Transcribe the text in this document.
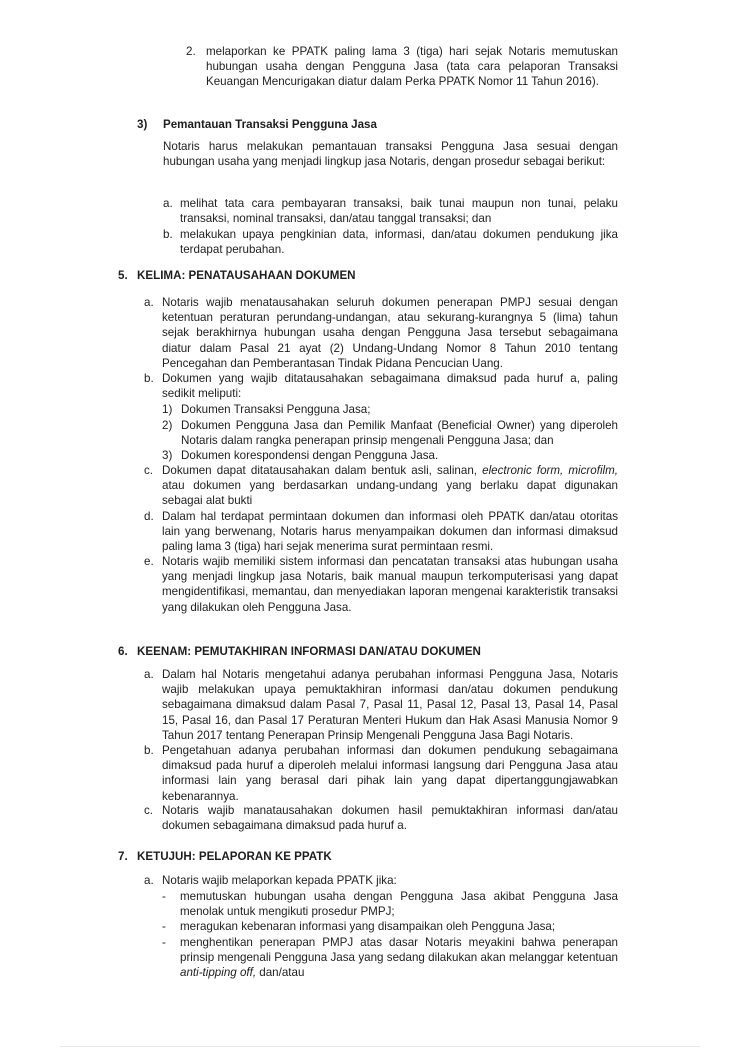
2. melaporkan ke PPATK paling lama 3 (tiga) hari sejak Notaris memutuskan hubungan usaha dengan Pengguna Jasa (tata cara pelaporan Transaksi Keuangan Mencurigakan diatur dalam Perka PPATK Nomor 11 Tahun 2016).
3) Pemantauan Transaksi Pengguna Jasa
Notaris harus melakukan pemantauan transaksi Pengguna Jasa sesuai dengan hubungan usaha yang menjadi lingkup jasa Notaris, dengan prosedur sebagai berikut:
a. melihat tata cara pembayaran transaksi, baik tunai maupun non tunai, pelaku transaksi, nominal transaksi, dan/atau tanggal transaksi; dan
b. melakukan upaya pengkinian data, informasi, dan/atau dokumen pendukung jika terdapat perubahan.
5. KELIMA: PENATAUSAHAAN DOKUMEN
a. Notaris wajib menatausahakan seluruh dokumen penerapan PMPJ sesuai dengan ketentuan peraturan perundang-undangan, atau sekurang-kurangnya 5 (lima) tahun sejak berakhirnya hubungan usaha dengan Pengguna Jasa tersebut sebagaimana diatur dalam Pasal 21 ayat (2) Undang-Undang Nomor 8 Tahun 2010 tentang Pencegahan dan Pemberantasan Tindak Pidana Pencucian Uang.
b. Dokumen yang wajib ditatausahakan sebagaimana dimaksud pada huruf a, paling sedikit meliputi:
1) Dokumen Transaksi Pengguna Jasa;
2) Dokumen Pengguna Jasa dan Pemilik Manfaat (Beneficial Owner) yang diperoleh Notaris dalam rangka penerapan prinsip mengenali Pengguna Jasa; dan
3) Dokumen korespondensi dengan Pengguna Jasa.
c. Dokumen dapat ditatausahakan dalam bentuk asli, salinan, electronic form, microfilm, atau dokumen yang berdasarkan undang-undang yang berlaku dapat digunakan sebagai alat bukti
d. Dalam hal terdapat permintaan dokumen dan informasi oleh PPATK dan/atau otoritas lain yang berwenang, Notaris harus menyampaikan dokumen dan informasi dimaksud paling lama 3 (tiga) hari sejak menerima surat permintaan resmi.
e. Notaris wajib memiliki sistem informasi dan pencatatan transaksi atas hubungan usaha yang menjadi lingkup jasa Notaris, baik manual maupun terkomputerisasi yang dapat mengidentifikasi, memantau, dan menyediakan laporan mengenai karakteristik transaksi yang dilakukan oleh Pengguna Jasa.
6. KEENAM: PEMUTAKHIRAN INFORMASI DAN/ATAU DOKUMEN
a. Dalam hal Notaris mengetahui adanya perubahan informasi Pengguna Jasa, Notaris wajib melakukan upaya pemuktakhiran informasi dan/atau dokumen pendukung sebagaimana dimaksud dalam Pasal 7, Pasal 11, Pasal 12, Pasal 13, Pasal 14, Pasal 15, Pasal 16, dan Pasal 17 Peraturan Menteri Hukum dan Hak Asasi Manusia Nomor 9 Tahun 2017 tentang Penerapan Prinsip Mengenali Pengguna Jasa Bagi Notaris.
b. Pengetahuan adanya perubahan informasi dan dokumen pendukung sebagaimana dimaksud pada huruf a diperoleh melalui informasi langsung dari Pengguna Jasa atau informasi lain yang berasal dari pihak lain yang dapat dipertanggungjawabkan kebenarannya.
c. Notaris wajib manatausahakan dokumen hasil pemuktakhiran informasi dan/atau dokumen sebagaimana dimaksud pada huruf a.
7. KETUJUH: PELAPORAN KE PPATK
a. Notaris wajib melaporkan kepada PPATK jika:
-	memutuskan hubungan usaha dengan Pengguna Jasa akibat Pengguna Jasa menolak untuk mengikuti prosedur PMPJ;
-	meragukan kebenaran informasi yang disampaikan oleh Pengguna Jasa;
-	menghentikan penerapan PMPJ atas dasar Notaris meyakini bahwa penerapan prinsip mengenali Pengguna Jasa yang sedang dilakukan akan melanggar ketentuan anti-tipping off, dan/atau
